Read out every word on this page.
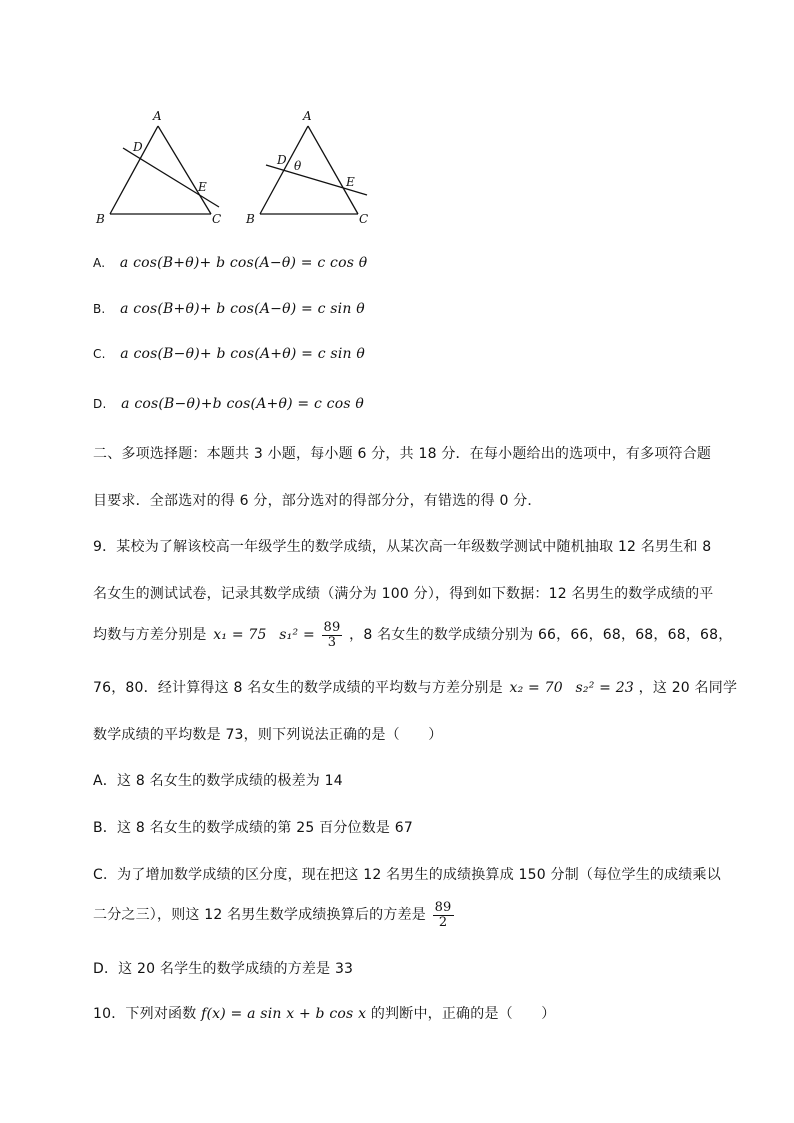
A
D
E
B	C
A
D θ
E
B	C
A. a cos(B+θ)+ b cos(A−θ) = c cos θ
B. a cos(B+θ)+ b cos(A−θ) = c sin θ
C. a cos(B−θ)+ b cos(A+θ) = c sin θ
D. a cos(B−θ)+b cos(A+θ) = c cos θ
二、多项选择题：本题共 3 小题，每小题 6 分，共 18 分．在每小题给出的选项中，有多项符合题
目要求．全部选对的得 6 分，部分选对的得部分分，有错选的得 0 分．
9．某校为了解该校高一年级学生的数学成绩，从某次高一年级数学测试中随机抽取 12 名男生和 8
名女生的测试试卷，记录其数学成绩（满分为 100 分），得到如下数据：12 名男生的数学成绩的平
均数与方差分别是 x₁ = 75 $s_1^2 = \frac{89}{3}$ ，8 名女生的数学成绩分别为 66，66，68，68，68，68，
76，80．经计算得这 8 名女生的数学成绩的平均数与方差分别是 x₂ = 70 s₂² = 23 ，这 20 名同学
数学成绩的平均数是 73，则下列说法正确的是（　　）
A．这 8 名女生的数学成绩的极差为 14
B．这 8 名女生的数学成绩的第 25 百分位数是 67
C．为了增加数学成绩的区分度，现在把这 12 名男生的成绩换算成 150 分制（每位学生的成绩乘以
二分之三），则这 12 名男生数学成绩换算后的方差是 $\frac{89}{2}$
D．这 20 名学生的数学成绩的方差是 33
10．下列对函数 f(x) = a sin x + b cos x 的判断中，正确的是（　　）
